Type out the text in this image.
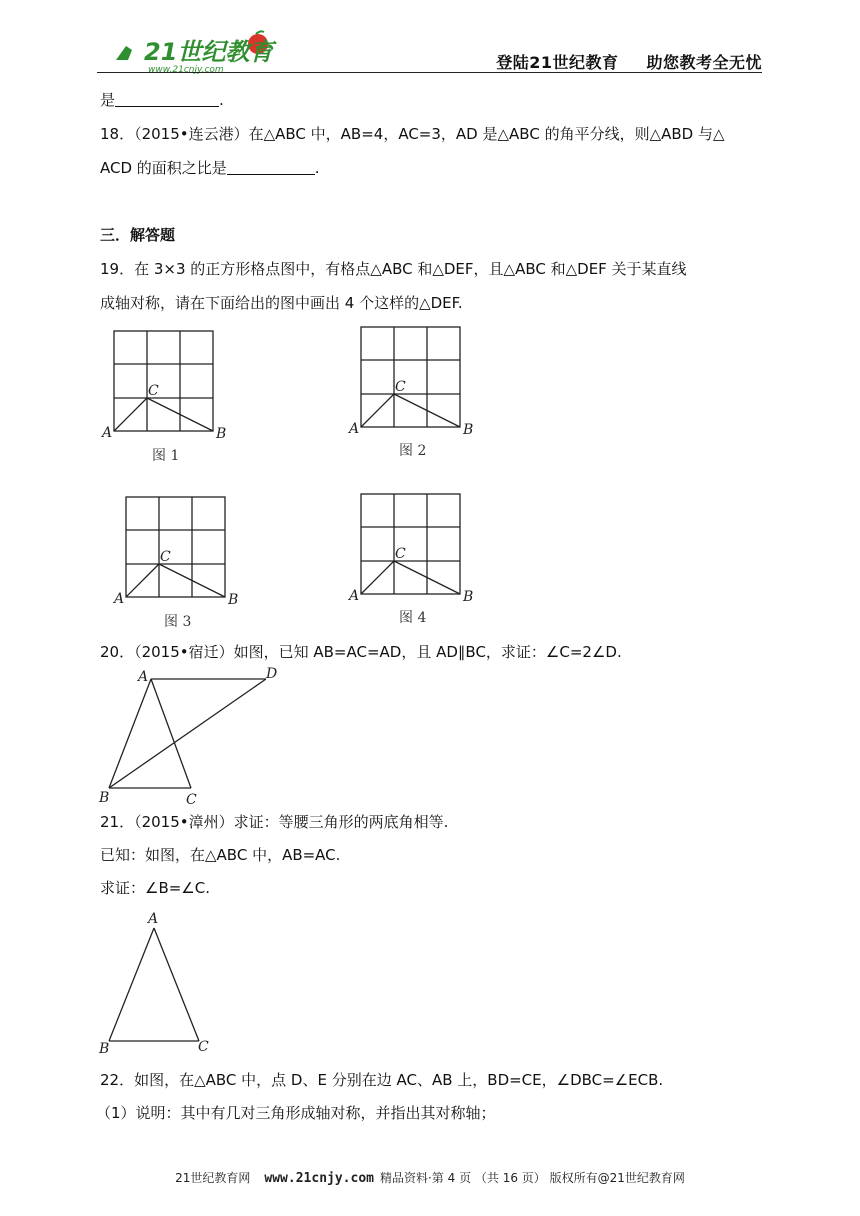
21世纪教育
www.21cnjy.com	登陆21世纪教育 助您教考全无忧
是	.
18．（2015•连云港）在△ABC 中，AB=4，AC=3，AD 是△ABC 的角平分线，则△ABD 与△
ACD 的面积之比是	.
三．解答题
19．在 3×3 的正方形格点图中，有格点△ABC 和△DEF，且△ABC 和△DEF 关于某直线
成轴对称，请在下面给出的图中画出 4 个这样的△DEF.
A	B
C
图 1
A	B
C
图 2
A	B
C
图 3
A	B
C
图 4
20．（2015•宿迁）如图，已知 AB=AC=AD，且 AD∥BC，求证：∠C=2∠D.
A	D
B	C
21．（2015•漳州）求证：等腰三角形的两底角相等.
已知：如图，在△ABC 中，AB=AC.
求证：∠B=∠C.
A
B	C
22．如图，在△ABC 中，点 D、E 分别在边 AC、AB 上，BD=CE，∠DBC=∠ECB.
（1）说明：其中有几对三角形成轴对称，并指出其对称轴；
21世纪教育网 www.21cnjy.com 精品资料·第 4 页 （共 16 页） 版权所有@21世纪教育网
